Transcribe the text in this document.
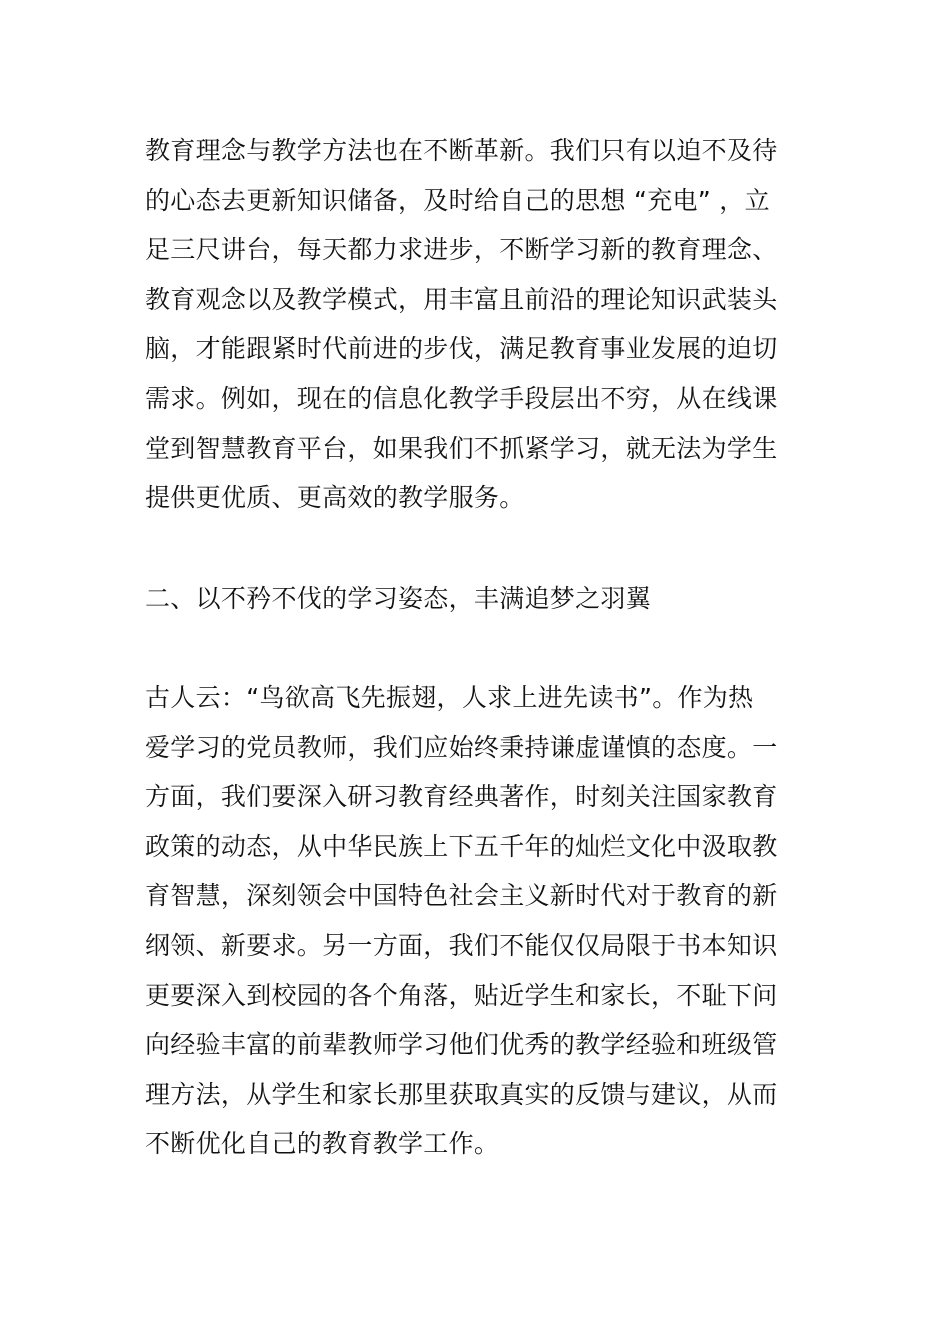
教育理念与教学方法也在不断革新。我们只有以迫不及待
的心态去更新知识储备，及时给自己的思想 “充电” ，立
足三尺讲台，每天都力求进步，不断学习新的教育理念、
教育观念以及教学模式，用丰富且前沿的理论知识武装头
脑，才能跟紧时代前进的步伐，满足教育事业发展的迫切
需求。例如，现在的信息化教学手段层出不穷，从在线课
堂到智慧教育平台，如果我们不抓紧学习，就无法为学生
提供更优质、更高效的教学服务。
二、以不矜不伐的学习姿态，丰满追梦之羽翼
古人云：“鸟欲高飞先振翅，人求上进先读书”。作为热
爱学习的党员教师，我们应始终秉持谦虚谨慎的态度。一
方面，我们要深入研习教育经典著作，时刻关注国家教育
政策的动态，从中华民族上下五千年的灿烂文化中汲取教
育智慧，深刻领会中国特色社会主义新时代对于教育的新
纲领、新要求。另一方面，我们不能仅仅局限于书本知识
更要深入到校园的各个角落，贴近学生和家长，不耻下问
向经验丰富的前辈教师学习他们优秀的教学经验和班级管
理方法，从学生和家长那里获取真实的反馈与建议，从而
不断优化自己的教育教学工作。
